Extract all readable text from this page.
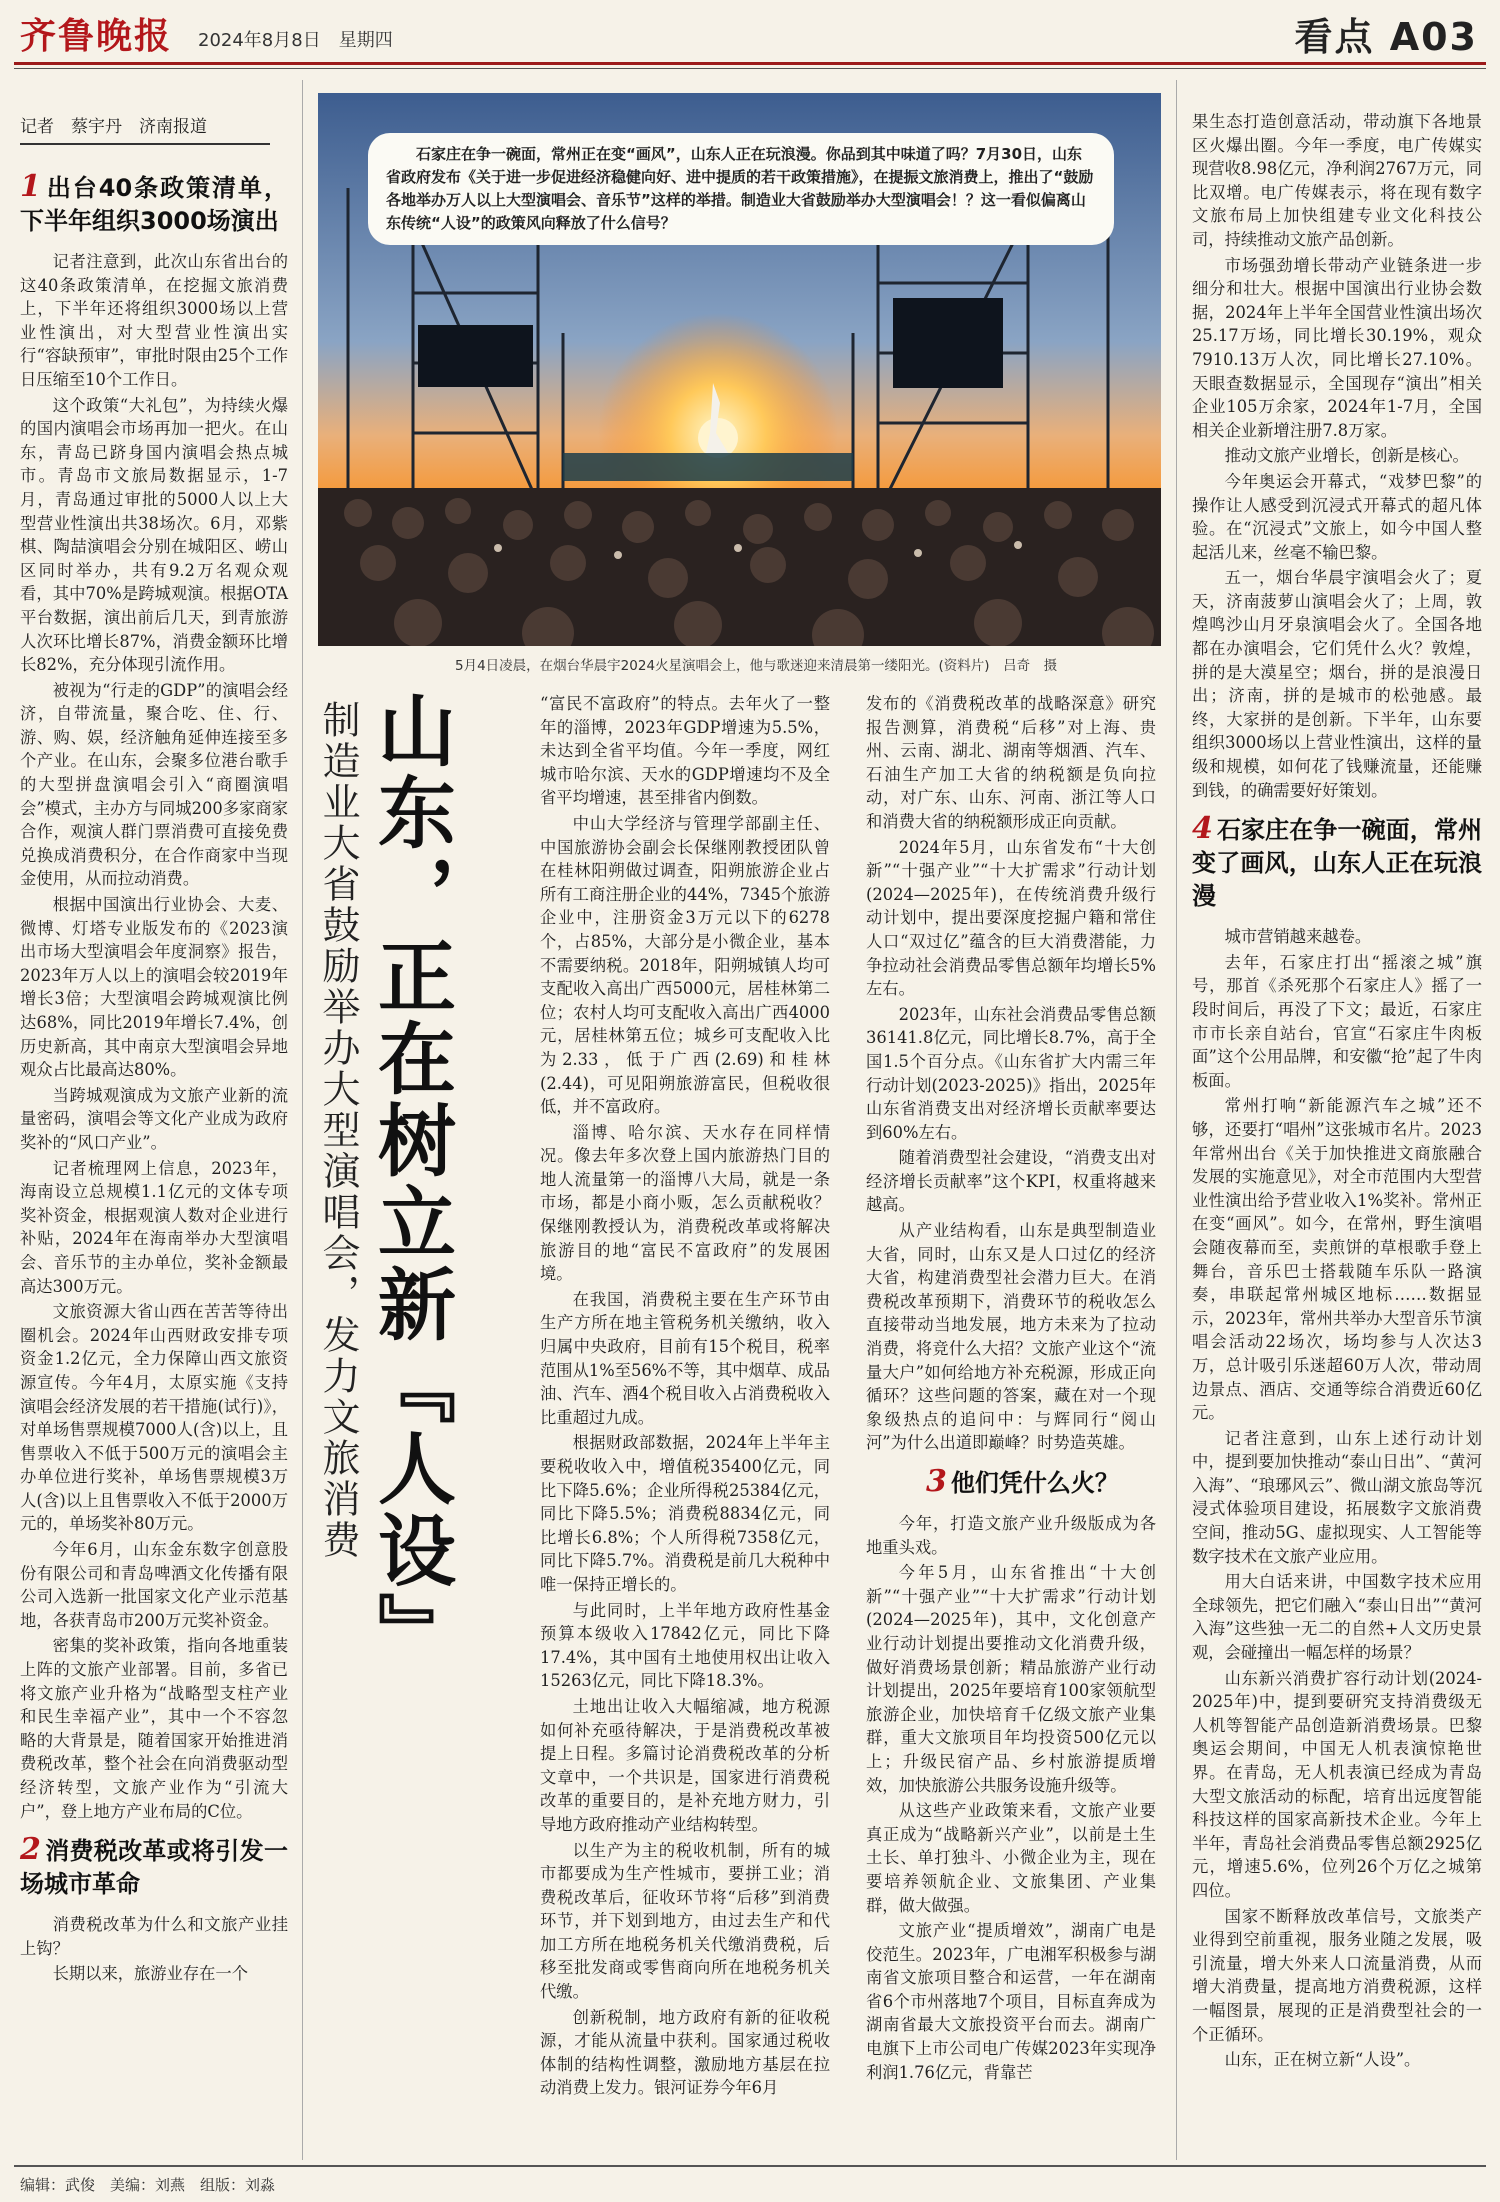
齐鲁晚报 2024年8月8日　 星期四	看点 A03
记者　蔡宇丹　济南报道
1 出台40条政策清单，下半年组织3000场演出

记者注意到，此次山东省出台的这40条政策清单，在挖掘文旅消费上，下半年还将组织3000场以上营业性演出，对大型营业性演出实行“容缺预审”，审批时限由25个工作日压缩至10个工作日。

这个政策“大礼包”，为持续火爆的国内演唱会市场再加一把火。在山东，青岛已跻身国内演唱会热点城市。青岛市文旅局数据显示，1-7月，青岛通过审批的5000人以上大型营业性演出共38场次。6月，邓紫棋、陶喆演唱会分别在城阳区、崂山区同时举办，共有9.2万名观众观看，其中70%是跨城观演。根据OTA平台数据，演出前后几天，到青旅游人次环比增长87%，消费金额环比增长82%，充分体现引流作用。

被视为“行走的GDP”的演唱会经济，自带流量，聚合吃、住、行、游、购、娱，经济触角延伸连接至多个产业。在山东，会聚多位港台歌手的大型拼盘演唱会引入“商圈演唱会”模式，主办方与同城200多家商家合作，观演人群门票消费可直接免费兑换成消费积分，在合作商家中当现金使用，从而拉动消费。

根据中国演出行业协会、大麦、微博、灯塔专业版发布的《2023演出市场大型演唱会年度洞察》报告，2023年万人以上的演唱会较2019年增长3倍；大型演唱会跨城观演比例达68%，同比2019年增长7.4%，创历史新高，其中南京大型演唱会异地观众占比最高达80%。

当跨城观演成为文旅产业新的流量密码，演唱会等文化产业成为政府奖补的“风口产业”。

记者梳理网上信息，2023年，海南设立总规模1.1亿元的文体专项奖补资金，根据观演人数对企业进行补贴，2024年在海南举办大型演唱会、音乐节的主办单位，奖补金额最高达300万元。

文旅资源大省山西在苦苦等待出圈机会。2024年山西财政安排专项资金1.2亿元，全力保障山西文旅资源宣传。今年4月，太原实施《支持演唱会经济发展的若干措施(试行)》，对单场售票规模7000人(含)以上，且售票收入不低于500万元的演唱会主办单位进行奖补，单场售票规模3万人(含)以上且售票收入不低于2000万元的，单场奖补80万元。

今年6月，山东金东数字创意股份有限公司和青岛啤酒文化传播有限公司入选新一批国家文化产业示范基地，各获青岛市200万元奖补资金。

密集的奖补政策，指向各地重装上阵的文旅产业部署。目前，多省已将文旅产业升格为“战略型支柱产业和民生幸福产业”，其中一个不容忽略的大背景是，随着国家开始推进消费税改革，整个社会在向消费驱动型经济转型，文旅产业作为“引流大户”，登上地方产业布局的C位。

2 消费税改革或将引发一场城市革命

消费税改革为什么和文旅产业挂上钩？

长期以来，旅游业存在一个

石家庄在争一碗面，常州正在变“画风”，山东人正在玩浪漫。你品到其中味道了吗？7月30日，山东省政府发布《关于进一步促进经济稳健向好、进中提质的若干政策措施》，在提振文旅消费上，推出了“鼓励各地举办万人以上大型演唱会、音乐节”这样的举措。制造业大省鼓励举办大型演唱会！？这一看似偏离山东传统“人设”的政策风向释放了什么信号？
5月4日凌晨，在烟台华晨宇2024火星演唱会上，他与歌迷迎来清晨第一缕阳光。(资料片)　吕奇　摄
山东，正在树立新『人设』
制造业大省鼓励举办大型演唱会，发力文旅消费	“富民不富政府”的特点。去年火了一整年的淄博，2023年GDP增速为5.5%，未达到全省平均值。今年一季度，网红城市哈尔滨、天水的GDP增速均不及全省平均增速，甚至排省内倒数。

中山大学经济与管理学部副主任、中国旅游协会副会长保继刚教授团队曾在桂林阳朔做过调查，阳朔旅游企业占所有工商注册企业的44%，7345个旅游企业中，注册资金3万元以下的6278个，占85%，大部分是小微企业，基本不需要纳税。2018年，阳朔城镇人均可支配收入高出广西5000元，居桂林第二位；农村人均可支配收入高出广西4000元，居桂林第五位；城乡可支配收入比为2.33，低于广西(2.69)和桂林(2.44)，可见阳朔旅游富民，但税收很低，并不富政府。

淄博、哈尔滨、天水存在同样情况。像去年多次登上国内旅游热门目的地人流量第一的淄博八大局，就是一条市场，都是小商小贩，怎么贡献税收？保继刚教授认为，消费税改革或将解决旅游目的地“富民不富政府”的发展困境。

在我国，消费税主要在生产环节由生产方所在地主管税务机关缴纳，收入归属中央政府，目前有15个税目，税率范围从1%至56%不等，其中烟草、成品油、汽车、酒4个税目收入占消费税收入比重超过九成。

根据财政部数据，2024年上半年主要税收收入中，增值税35400亿元，同比下降5.6%；企业所得税25384亿元，同比下降5.5%；消费税8834亿元，同比增长6.8%；个人所得税7358亿元，同比下降5.7%。消费税是前几大税种中唯一保持正增长的。

与此同时，上半年地方政府性基金预算本级收入17842亿元，同比下降17.4%，其中国有土地使用权出让收入15263亿元，同比下降18.3%。

土地出让收入大幅缩减，地方税源如何补充亟待解决，于是消费税改革被提上日程。多篇讨论消费税改革的分析文章中，一个共识是，国家进行消费税改革的重要目的，是补充地方财力，引导地方政府推动产业结构转型。

以生产为主的税收机制，所有的城市都要成为生产性城市，要拼工业；消费税改革后，征收环节将“后移”到消费环节，并下划到地方，由过去生产和代加工方所在地税务机关代缴消费税，后移至批发商或零售商向所在地税务机关代缴。

创新税制，地方政府有新的征收税源，才能从流量中获利。国家通过税收体制的结构性调整，激励地方基层在拉动消费上发力。银河证券今年6月

发布的《消费税改革的战略深意》研究报告测算，消费税“后移”对上海、贵州、云南、湖北、湖南等烟酒、汽车、石油生产加工大省的纳税额是负向拉动，对广东、山东、河南、浙江等人口和消费大省的纳税额形成正向贡献。

2024年5月，山东省发布“十大创新”“十强产业”“十大扩需求”行动计划(2024—2025年)，在传统消费升级行动计划中，提出要深度挖掘户籍和常住人口“双过亿”蕴含的巨大消费潜能，力争拉动社会消费品零售总额年均增长5%左右。

2023年，山东社会消费品零售总额36141.8亿元，同比增长8.7%，高于全国1.5个百分点。《山东省扩大内需三年行动计划(2023-2025)》指出，2025年山东省消费支出对经济增长贡献率要达到60%左右。

随着消费型社会建设，“消费支出对经济增长贡献率”这个KPI，权重将越来越高。

从产业结构看，山东是典型制造业大省，同时，山东又是人口过亿的经济大省，构建消费型社会潜力巨大。在消费税改革预期下，消费环节的税收怎么直接带动当地发展，地方未来为了拉动消费，将竞什么大招？文旅产业这个“流量大户”如何给地方补充税源，形成正向循环？这些问题的答案，藏在对一个现象级热点的追问中：与辉同行“阅山河”为什么出道即巅峰？时势造英雄。

3 他们凭什么火？

今年，打造文旅产业升级版成为各地重头戏。

今年5月，山东省推出“十大创新”“十强产业”“十大扩需求”行动计划(2024—2025年)，其中，文化创意产业行动计划提出要推动文化消费升级，做好消费场景创新；精品旅游产业行动计划提出，2025年要培育100家领航型旅游企业，加快培育千亿级文旅产业集群，重大文旅项目年均投资500亿元以上；升级民宿产品、乡村旅游提质增效，加快旅游公共服务设施升级等。

从这些产业政策来看，文旅产业要真正成为“战略新兴产业”，以前是土生土长、单打独斗、小微企业为主，现在要培养领航企业、文旅集团、产业集群，做大做强。

文旅产业“提质增效”，湖南广电是佼范生。2023年，广电湘军积极参与湖南省文旅项目整合和运营，一年在湖南省6个市州落地7个项目，目标直奔成为湖南省最大文旅投资平台而去。湖南广电旗下上市公司电广传媒2023年实现净利润1.76亿元，背靠芒

果生态打造创意活动，带动旗下各地景区火爆出圈。今年一季度，电广传媒实现营收8.98亿元，净利润2767万元，同比双增。电广传媒表示，将在现有数字文旅布局上加快组建专业文化科技公司，持续推动文旅产品创新。

市场强劲增长带动产业链条进一步细分和壮大。根据中国演出行业协会数据，2024年上半年全国营业性演出场次25.17万场，同比增长30.19%，观众7910.13万人次，同比增长27.10%。天眼查数据显示，全国现存“演出”相关企业105万余家，2024年1-7月，全国相关企业新增注册7.8万家。

推动文旅产业增长，创新是核心。

今年奥运会开幕式，“戏梦巴黎”的操作让人感受到沉浸式开幕式的超凡体验。在“沉浸式”文旅上，如今中国人整起活儿来，丝毫不输巴黎。

五一，烟台华晨宇演唱会火了；夏天，济南菠萝山演唱会火了；上周，敦煌鸣沙山月牙泉演唱会火了。全国各地都在办演唱会，它们凭什么火？敦煌，拼的是大漠星空；烟台，拼的是浪漫日出；济南，拼的是城市的松弛感。最终，大家拼的是创新。下半年，山东要组织3000场以上营业性演出，这样的量级和规模，如何花了钱赚流量，还能赚到钱，的确需要好好策划。

4 石家庄在争一碗面，常州变了画风，山东人正在玩浪漫

城市营销越来越卷。

去年，石家庄打出“摇滚之城”旗号，那首《杀死那个石家庄人》摇了一段时间后，再没了下文；最近，石家庄市市长亲自站台，官宣“石家庄牛肉板面”这个公用品牌，和安徽“抢”起了牛肉板面。

常州打响“新能源汽车之城”还不够，还要打“唱州”这张城市名片。2023年常州出台《关于加快推进文商旅融合发展的实施意见》，对全市范围内大型营业性演出给予营业收入1%奖补。常州正在变“画风”。如今，在常州，野生演唱会随夜幕而至，卖煎饼的草根歌手登上舞台，音乐巴士搭载随车乐队一路演奏，串联起常州城区地标……数据显示，2023年，常州共举办大型音乐节演唱会活动22场次，场均参与人次达3万，总计吸引乐迷超60万人次，带动周边景点、酒店、交通等综合消费近60亿元。

记者注意到，山东上述行动计划中，提到要加快推动“泰山日出”、“黄河入海”、“琅琊风云”、微山湖文旅岛等沉浸式体验项目建设，拓展数字文旅消费空间，推动5G、虚拟现实、人工智能等数字技术在文旅产业应用。

用大白话来讲，中国数字技术应用全球领先，把它们融入“泰山日出”“黄河入海”这些独一无二的自然+人文历史景观，会碰撞出一幅怎样的场景？

山东新兴消费扩容行动计划(2024-2025年)中，提到要研究支持消费级无人机等智能产品创造新消费场景。巴黎奥运会期间，中国无人机表演惊艳世界。在青岛，无人机表演已经成为青岛大型文旅活动的标配，培育出远度智能科技这样的国家高新技术企业。今年上半年，青岛社会消费品零售总额2925亿元，增速5.6%，位列26个万亿之城第四位。

国家不断释放改革信号，文旅类产业得到空前重视，服务业随之发展，吸引流量，增大外来人口流量消费，从而增大消费量，提高地方消费税源，这样一幅图景，展现的正是消费型社会的一个正循环。

山东，正在树立新“人设”。

编辑：武俊　美编：刘燕　组版：刘淼
